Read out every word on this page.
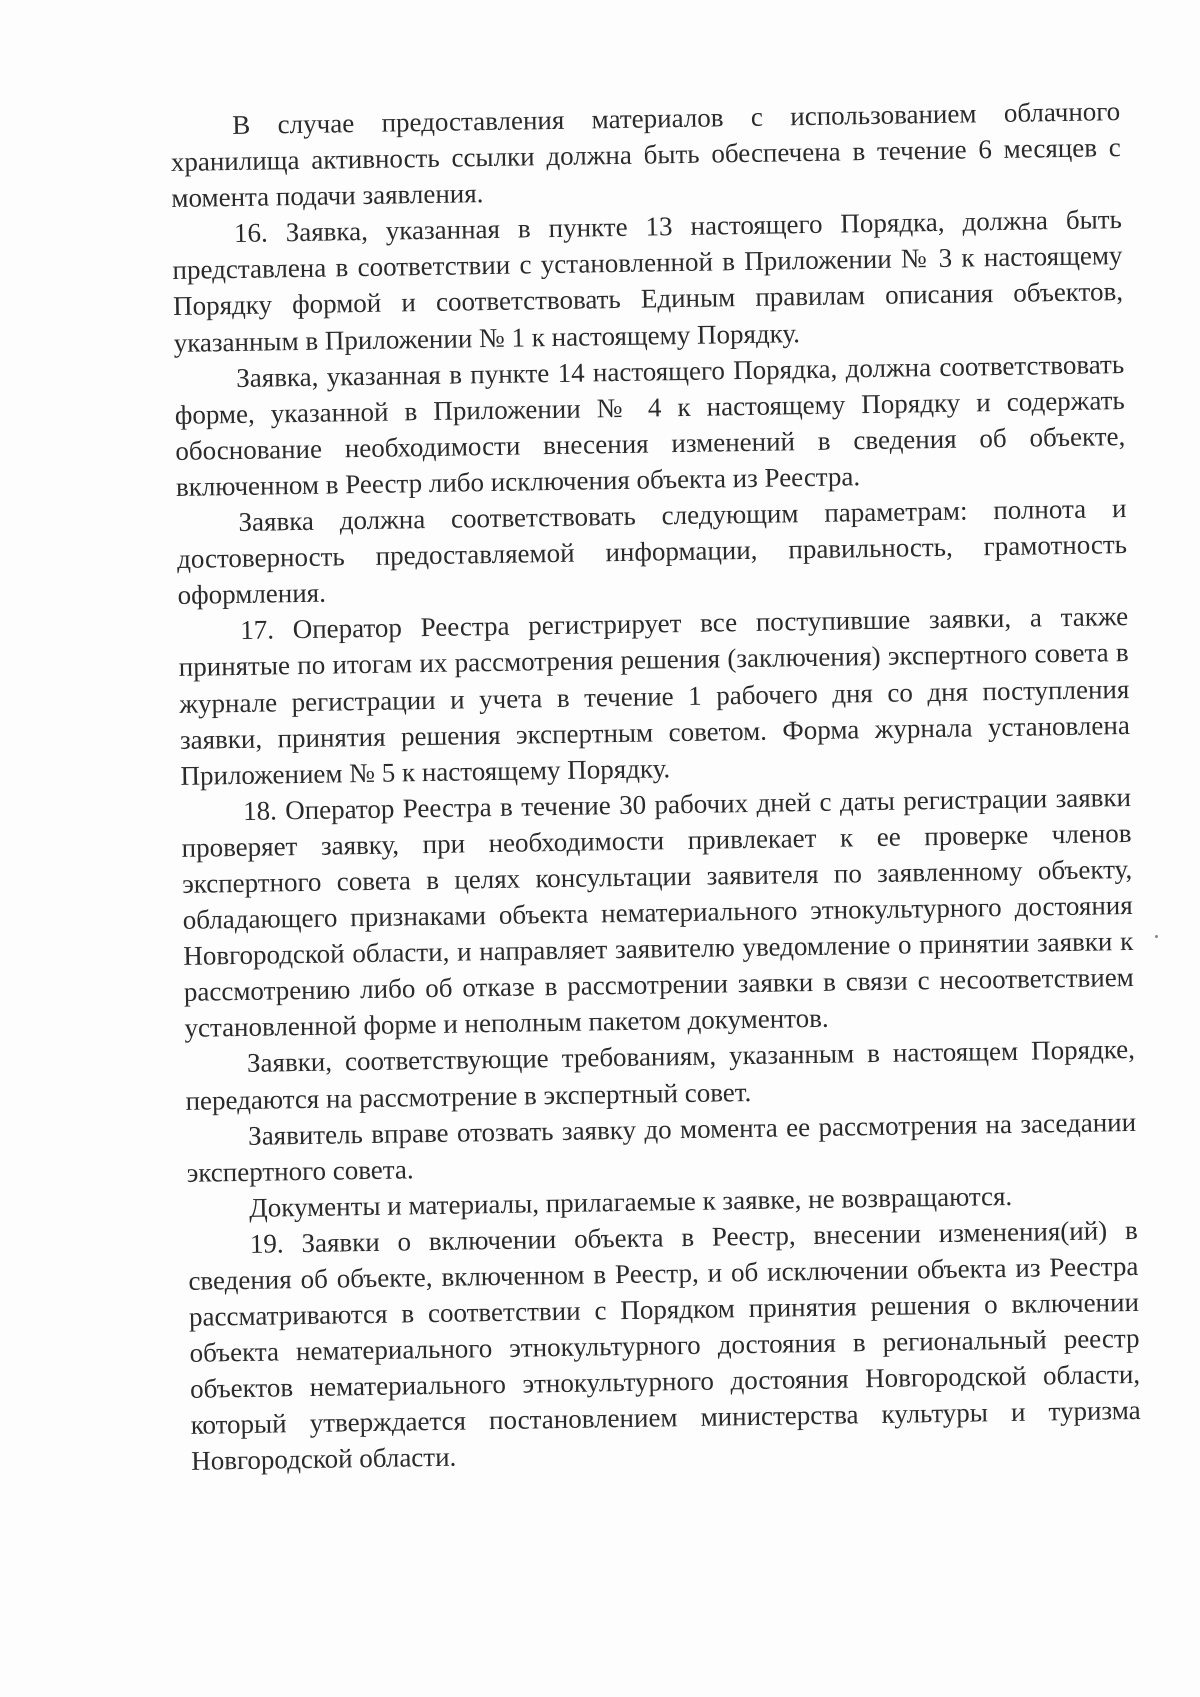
В случае предоставления материалов с использованием облачного хранилища активность ссылки должна быть обеспечена в течение 6 месяцев с момента подачи заявления.

16. Заявка, указанная в пункте 13 настоящего Порядка, должна быть представлена в соответствии с установленной в Приложении № 3 к настоящему Порядку формой и соответствовать Единым правилам описания объектов, указанным в Приложении № 1 к настоящему Порядку.

Заявка, указанная в пункте 14 настоящего Порядка, должна соответствовать форме, указанной в Приложении № 4 к настоящему Порядку и содержать обоснование необходимости внесения изменений в сведения об объекте, включенном в Реестр либо исключения объекта из Реестра.

Заявка должна соответствовать следующим параметрам: полнота и достоверность предоставляемой информации, правильность, грамотность оформления.

17. Оператор Реестра регистрирует все поступившие заявки, а также принятые по итогам их рассмотрения решения (заключения) экспертного совета в журнале регистрации и учета в течение 1 рабочего дня со дня поступления заявки, принятия решения экспертным советом. Форма журнала установлена Приложением № 5 к настоящему Порядку.

18. Оператор Реестра в течение 30 рабочих дней с даты регистрации заявки проверяет заявку, при необходимости привлекает к ее проверке членов экспертного совета в целях консультации заявителя по заявленному объекту, обладающего признаками объекта нематериального этнокультурного достояния Новгородской области, и направляет заявителю уведомление о принятии заявки к рассмотрению либо об отказе в рассмотрении заявки в связи с несоответствием установленной форме и неполным пакетом документов.

Заявки, соответствующие требованиям, указанным в настоящем Порядке, передаются на рассмотрение в экспертный совет.

Заявитель вправе отозвать заявку до момента ее рассмотрения на заседании экспертного совета.

Документы и материалы, прилагаемые к заявке, не возвращаются.

19. Заявки о включении объекта в Реестр, внесении изменения(ий) в сведения об объекте, включенном в Реестр, и об исключении объекта из Реестра рассматриваются в соответствии с Порядком принятия решения о включении объекта нематериального этнокультурного достояния в региональный реестр объектов нематериального этнокультурного достояния Новгородской области, который утверждается постановлением министерства культуры и туризма Новгородской области.
